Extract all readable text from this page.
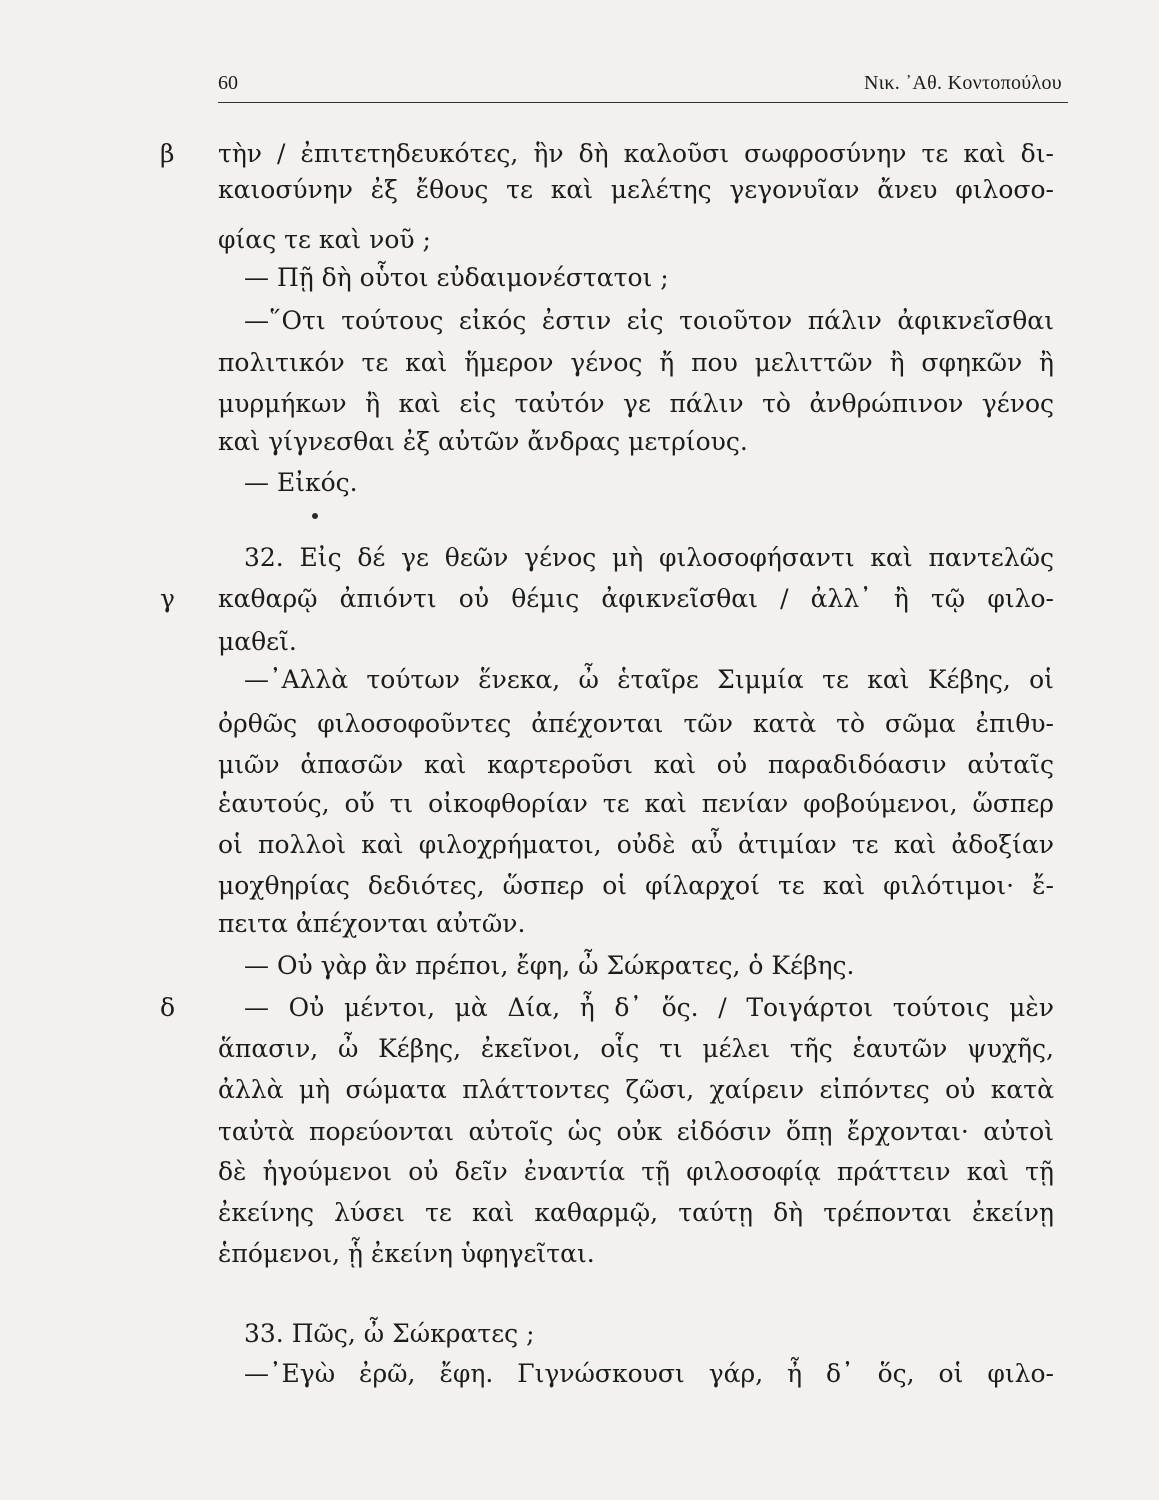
60	Νικ. ᾿Αθ. Κοντοπούλου
β
γ
δ
τὴν / ἐπιτετηδευκότες, ἣν δὴ καλοῦσι σωφροσύνην τε καὶ δι-
καιοσύνην ἐξ ἔθους τε καὶ μελέτης γεγονυῖαν ἄνευ φιλοσο-
φίας τε καὶ νοῦ ;
— Πῇ δὴ οὗτοι εὐδαιμονέστατοι ;
—῞Οτι τούτους εἰκός ἐστιν εἰς τοιοῦτον πάλιν ἀφικνεῖσθαι
πολιτικόν τε καὶ ἥμερον γένος ἤ που μελιττῶν ἢ σφηκῶν ἢ
μυρμήκων ἢ καὶ εἰς ταὐτόν γε πάλιν τὸ ἀνθρώπινον γένος
καὶ γίγνεσθαι ἐξ αὐτῶν ἄνδρας μετρίους.
— Εἰκός.
32. Εἰς δέ γε θεῶν γένος μὴ φιλοσοφήσαντι καὶ παντελῶς
καθαρῷ ἀπιόντι οὐ θέμις ἀφικνεῖσθαι / ἀλλ᾿ ἢ τῷ φιλο-
μαθεῖ.
—᾿Αλλὰ τούτων ἕνεκα, ὦ ἑταῖρε Σιμμία τε καὶ Κέβης, οἱ
ὀρθῶς φιλοσοφοῦντες ἀπέχονται τῶν κατὰ τὸ σῶμα ἐπιθυ-
μιῶν ἁπασῶν καὶ καρτεροῦσι καὶ οὐ παραδιδόασιν αὐταῖς
ἑαυτούς, οὔ τι οἰκοφθορίαν τε καὶ πενίαν φοβούμενοι, ὥσπερ
οἱ πολλοὶ καὶ φιλοχρήματοι, οὐδὲ αὖ ἀτιμίαν τε καὶ ἀδοξίαν
μοχθηρίας δεδιότες, ὥσπερ οἱ φίλαρχοί τε καὶ φιλότιμοι· ἔ-
πειτα ἀπέχονται αὐτῶν.
— Οὐ γὰρ ἂν πρέποι, ἔφη, ὦ Σώκρατες, ὁ Κέβης.
— Οὐ μέντοι, μὰ Δία, ἦ δ᾿ ὅς. / Τοιγάρτοι τούτοις μὲν
ἅπασιν, ὦ Κέβης, ἐκεῖνοι, οἷς τι μέλει τῆς ἑαυτῶν ψυχῆς,
ἀλλὰ μὴ σώματα πλάττοντες ζῶσι, χαίρειν εἰπόντες οὐ κατὰ
ταὐτὰ πορεύονται αὐτοῖς ὡς οὐκ εἰδόσιν ὅπῃ ἔρχονται· αὐτοὶ
δὲ ἡγούμενοι οὐ δεῖν ἐναντία τῇ φιλοσοφίᾳ πράττειν καὶ τῇ
ἐκείνης λύσει τε καὶ καθαρμῷ, ταύτῃ δὴ τρέπονται ἐκείνῃ
ἑπόμενοι, ᾗ ἐκείνη ὑφηγεῖται.
33. Πῶς, ὦ Σώκρατες ;
—᾿Εγὼ ἐρῶ, ἔφη. Γιγνώσκουσι γάρ, ἦ δ᾿ ὅς, οἱ φιλο-
